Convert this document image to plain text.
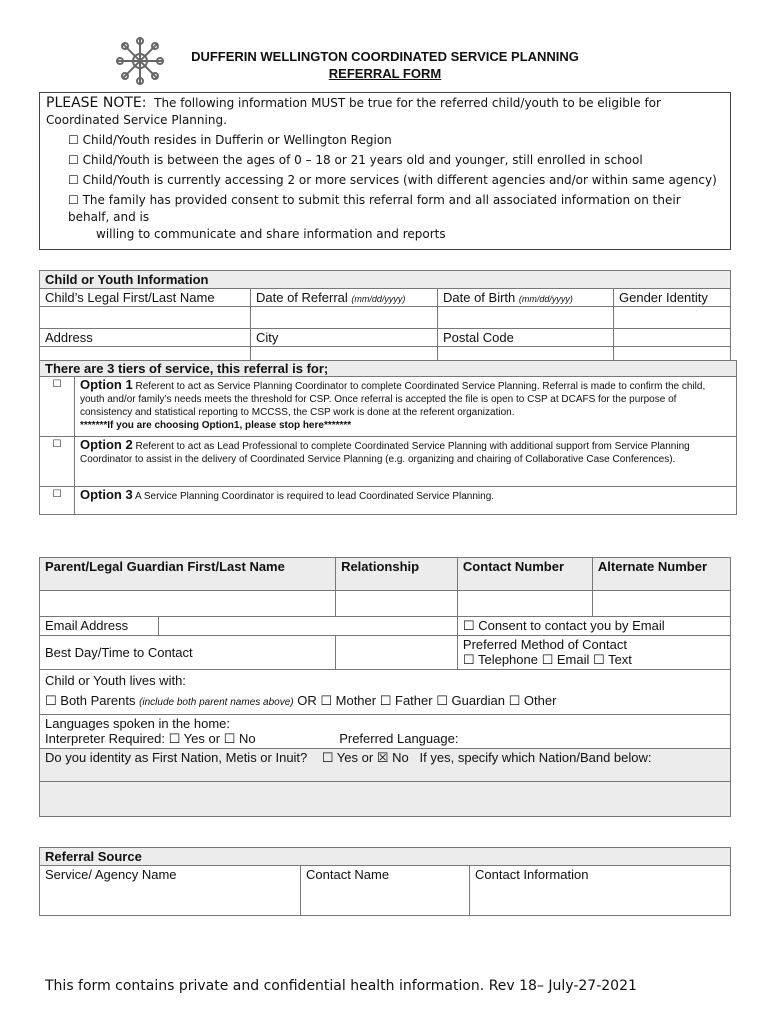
DUFFERIN WELLINGTON COORDINATED SERVICE PLANNING
REFERRAL FORM
PLEASE NOTE: The following information MUST be true for the referred child/youth to be eligible for Coordinated Service Planning.
☐ Child/Youth resides in Dufferin or Wellington Region
☐ Child/Youth is between the ages of 0 – 18 or 21 years old and younger, still enrolled in school
☐ Child/Youth is currently accessing 2 or more services (with different agencies and/or within same agency)
☐ The family has provided consent to submit this referral form and all associated information on their behalf, and is
willing to communicate and share information and reports
Child or Youth Information			
Child’s Legal First/Last Name	Date of Referral (mm/dd/yyyy)	Date of Birth (mm/dd/yyyy)	Gender Identity

Address	City	Postal Code	

There are 3 tiers of service, this referral is for;	
☐	Option 1 Referent to act as Service Planning Coordinator to complete Coordinated Service Planning. Referral is made to confirm the child, youth and/or family’s needs meets the threshold for CSP. Once referral is accepted the file is open to CSP at DCAFS for the purpose of consistency and statistical reporting to MCCSS, the CSP work is done at the referent organization.
*******If you are choosing Option1, please stop here*******
☐	Option 2 Referent to act as Lead Professional to complete Coordinated Service Planning with additional support from Service Planning Coordinator to assist in the delivery of Coordinated Service Planning (e.g. organizing and chairing of Collaborative Case Conferences).
☐	Option 3 A Service Planning Coordinator is required to lead Coordinated Service Planning.
Parent/Legal Guardian First/Last Name		Relationship	Contact Number	Alternate Number

Email Address			☐ Consent to contact you by Email	
Best Day/Time to Contact			Preferred Method of Contact
☐ Telephone ☐ Email ☐ Text	
Child or Youth lives with:
☐ Both Parents (include both parent names above) OR ☐ Mother ☐ Father ☐ Guardian ☐ Other				
Languages spoken in the home:
Interpreter Required: ☐ Yes or ☐ No Preferred Language:				
Do you identity as First Nation, Metis or Inuit? ☐ Yes or ☒ No If yes, specify which Nation/Band below:				

Referral Source
Service/ Agency Name	Contact Name	Contact Information
This form contains private and confidential health information. Rev 18– July-27-2021
